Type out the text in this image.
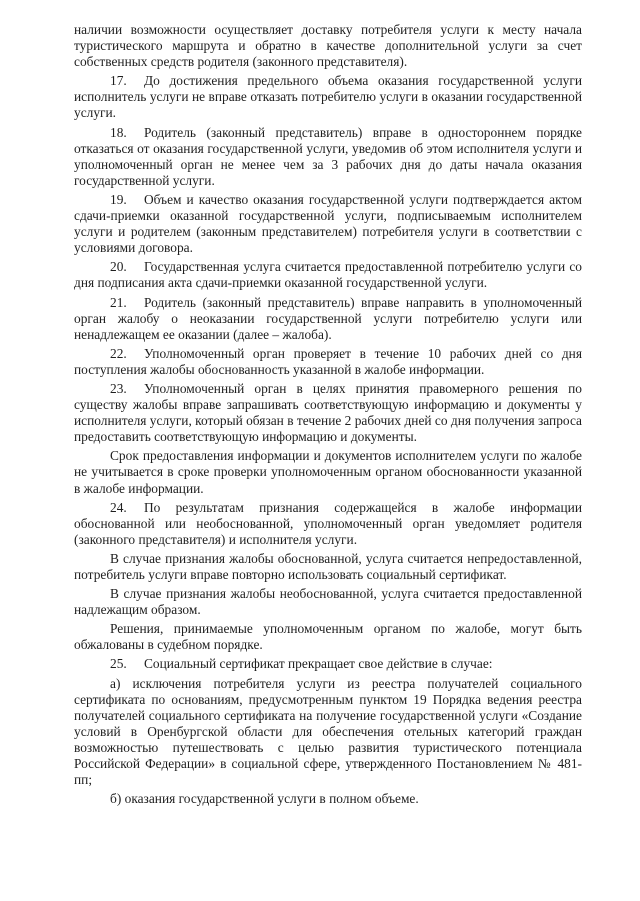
наличии возможности осуществляет доставку потребителя услуги к месту начала туристического маршрута и обратно в качестве дополнительной услуги за счет собственных средств родителя (законного представителя).

17. До достижения предельного объема оказания государственной услуги исполнитель услуги не вправе отказать потребителю услуги в оказании государственной услуги.

18. Родитель (законный представитель) вправе в одностороннем порядке отказаться от оказания государственной услуги, уведомив об этом исполнителя услуги и уполномоченный орган не менее чем за 3 рабочих дня до даты начала оказания государственной услуги.

19. Объем и качество оказания государственной услуги подтверждается актом сдачи-приемки оказанной государственной услуги, подписываемым исполнителем услуги и родителем (законным представителем) потребителя услуги в соответствии с условиями договора.

20. Государственная услуга считается предоставленной потребителю услуги со дня подписания акта сдачи-приемки оказанной государственной услуги.

21. Родитель (законный представитель) вправе направить в уполномоченный орган жалобу о неоказании государственной услуги потребителю услуги или ненадлежащем ее оказании (далее – жалоба).

22. Уполномоченный орган проверяет в течение 10 рабочих дней со дня поступления жалобы обоснованность указанной в жалобе информации.

23. Уполномоченный орган в целях принятия правомерного решения по существу жалобы вправе запрашивать соответствующую информацию и документы у исполнителя услуги, который обязан в течение 2 рабочих дней со дня получения запроса предоставить соответствующую информацию и документы.

Срок предоставления информации и документов исполнителем услуги по жалобе не учитывается в сроке проверки уполномоченным органом обоснованности указанной в жалобе информации.

24. По результатам признания содержащейся в жалобе информации обоснованной или необоснованной, уполномоченный орган уведомляет родителя (законного представителя) и исполнителя услуги.

В случае признания жалобы обоснованной, услуга считается непредоставленной, потребитель услуги вправе повторно использовать социальный сертификат.

В случае признания жалобы необоснованной, услуга считается предоставленной надлежащим образом.

Решения, принимаемые уполномоченным органом по жалобе, могут быть обжалованы в судебном порядке.

25. Социальный сертификат прекращает свое действие в случае:

а) исключения потребителя услуги из реестра получателей социального сертификата по основаниям, предусмотренным пунктом 19 Порядка ведения реестра получателей социального сертификата на получение государственной услуги «Создание условий в Оренбургской области для обеспечения отельных категорий граждан возможностью путешествовать с целью развития туристического потенциала Российской Федерации» в социальной сфере, утвержденного Постановлением № 481-пп;

б) оказания государственной услуги в полном объеме.
